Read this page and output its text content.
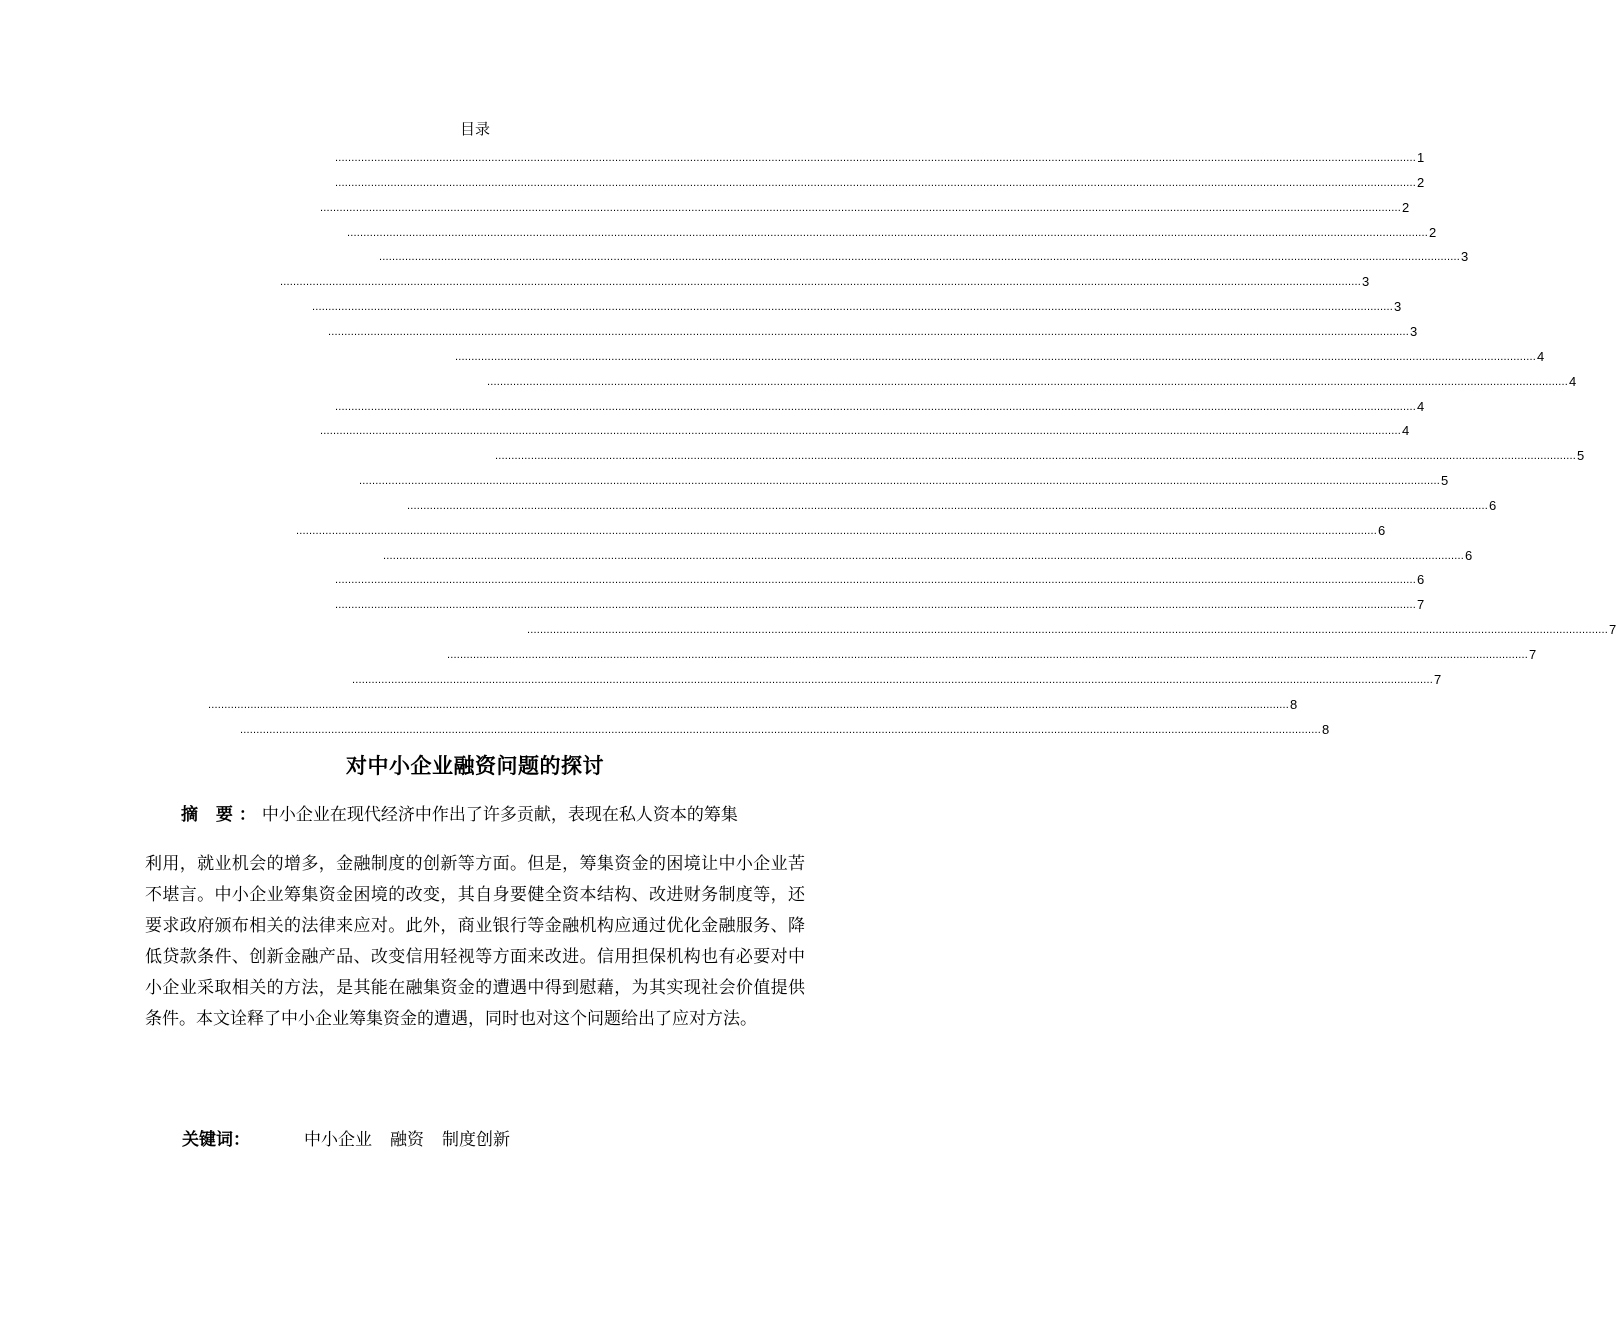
目录
............................................................................................................................................................................................................................................................................................................................................ 1
............................................................................................................................................................................................................................................................................................................................................ 2
............................................................................................................................................................................................................................................................................................................................................ 2
............................................................................................................................................................................................................................................................................................................................................ 2
............................................................................................................................................................................................................................................................................................................................................ 3
............................................................................................................................................................................................................................................................................................................................................ 3
............................................................................................................................................................................................................................................................................................................................................ 3
............................................................................................................................................................................................................................................................................................................................................ 3
............................................................................................................................................................................................................................................................................................................................................ 4
............................................................................................................................................................................................................................................................................................................................................ 4
............................................................................................................................................................................................................................................................................................................................................ 4
............................................................................................................................................................................................................................................................................................................................................ 4
............................................................................................................................................................................................................................................................................................................................................ 5
............................................................................................................................................................................................................................................................................................................................................ 5
............................................................................................................................................................................................................................................................................................................................................ 6
............................................................................................................................................................................................................................................................................................................................................ 6
............................................................................................................................................................................................................................................................................................................................................ 6
............................................................................................................................................................................................................................................................................................................................................ 6
............................................................................................................................................................................................................................................................................................................................................ 7
............................................................................................................................................................................................................................................................................................................................................ 7
............................................................................................................................................................................................................................................................................................................................................ 7
............................................................................................................................................................................................................................................................................................................................................ 7
............................................................................................................................................................................................................................................................................................................................................ 8
............................................................................................................................................................................................................................................................................................................................................ 8
对中小企业融资问题的探讨

摘 要：中小企业在现代经济中作出了许多贡献，表现在私人资本的筹集

利用，就业机会的增多，金融制度的创新等方面。但是，筹集资金的困境让中小企业苦不堪言。中小企业筹集资金困境的改变，其自身要健全资本结构、改进财务制度等，还要求政府颁布相关的法律来应对。此外，商业银行等金融机构应通过优化金融服务、降低贷款条件、创新金融产品、改变信用轻视等方面来改进。信用担保机构也有必要对中小企业采取相关的方法，是其能在融集资金的遭遇中得到慰藉，为其实现社会价值提供条件。本文诠释了中小企业筹集资金的遭遇，同时也对这个问题给出了应对方法。

关键词：	中小企业 融资 制度创新
